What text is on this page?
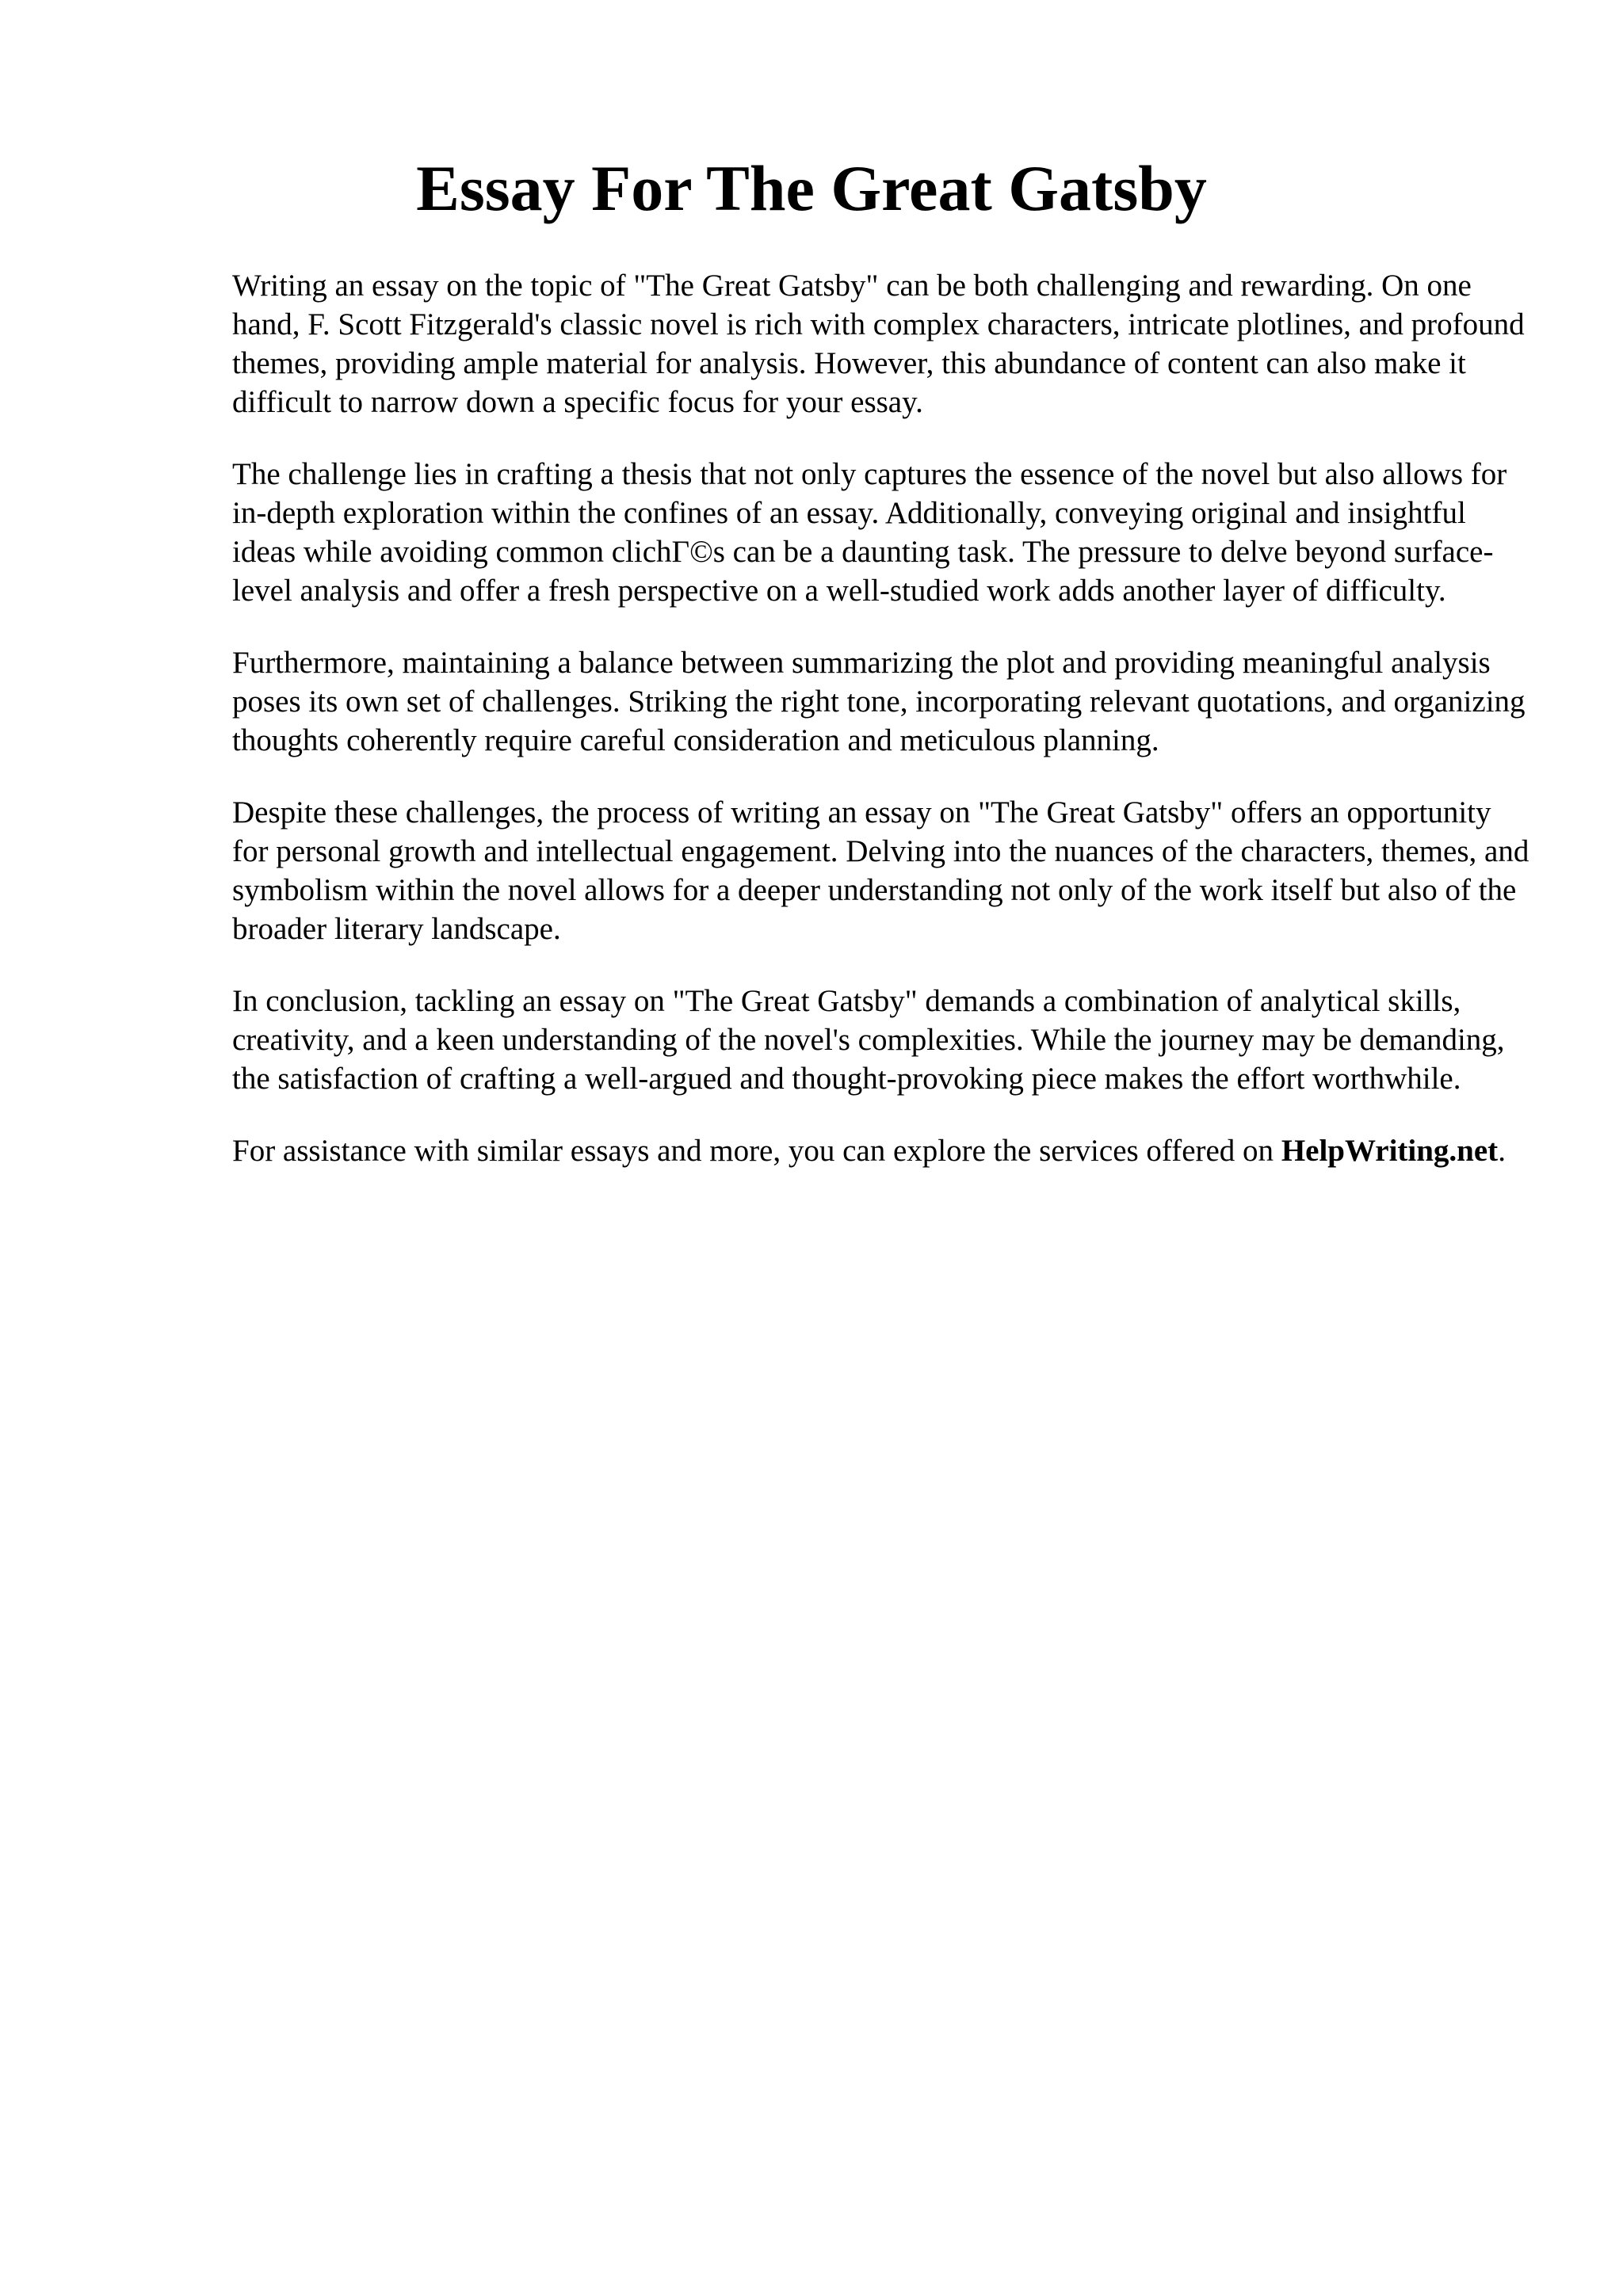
Essay For The Great Gatsby

Writing an essay on the topic of "The Great Gatsby" can be both challenging and rewarding. On one hand, F. Scott Fitzgerald's classic novel is rich with complex characters, intricate plotlines, and profound themes, providing ample material for analysis. However, this abundance of content can also make it difficult to narrow down a specific focus for your essay.

The challenge lies in crafting a thesis that not only captures the essence of the novel but also allows for in-depth exploration within the confines of an essay. Additionally, conveying original and insightful ideas while avoiding common clichГ©s can be a daunting task. The pressure to delve beyond surface-level analysis and offer a fresh perspective on a well-studied work adds another layer of difficulty.

Furthermore, maintaining a balance between summarizing the plot and providing meaningful analysis poses its own set of challenges. Striking the right tone, incorporating relevant quotations, and organizing thoughts coherently require careful consideration and meticulous planning.

Despite these challenges, the process of writing an essay on "The Great Gatsby" offers an opportunity for personal growth and intellectual engagement. Delving into the nuances of the characters, themes, and symbolism within the novel allows for a deeper understanding not only of the work itself but also of the broader literary landscape.

In conclusion, tackling an essay on "The Great Gatsby" demands a combination of analytical skills, creativity, and a keen understanding of the novel's complexities. While the journey may be demanding, the satisfaction of crafting a well-argued and thought-provoking piece makes the effort worthwhile.

For assistance with similar essays and more, you can explore the services offered on HelpWriting.net.
